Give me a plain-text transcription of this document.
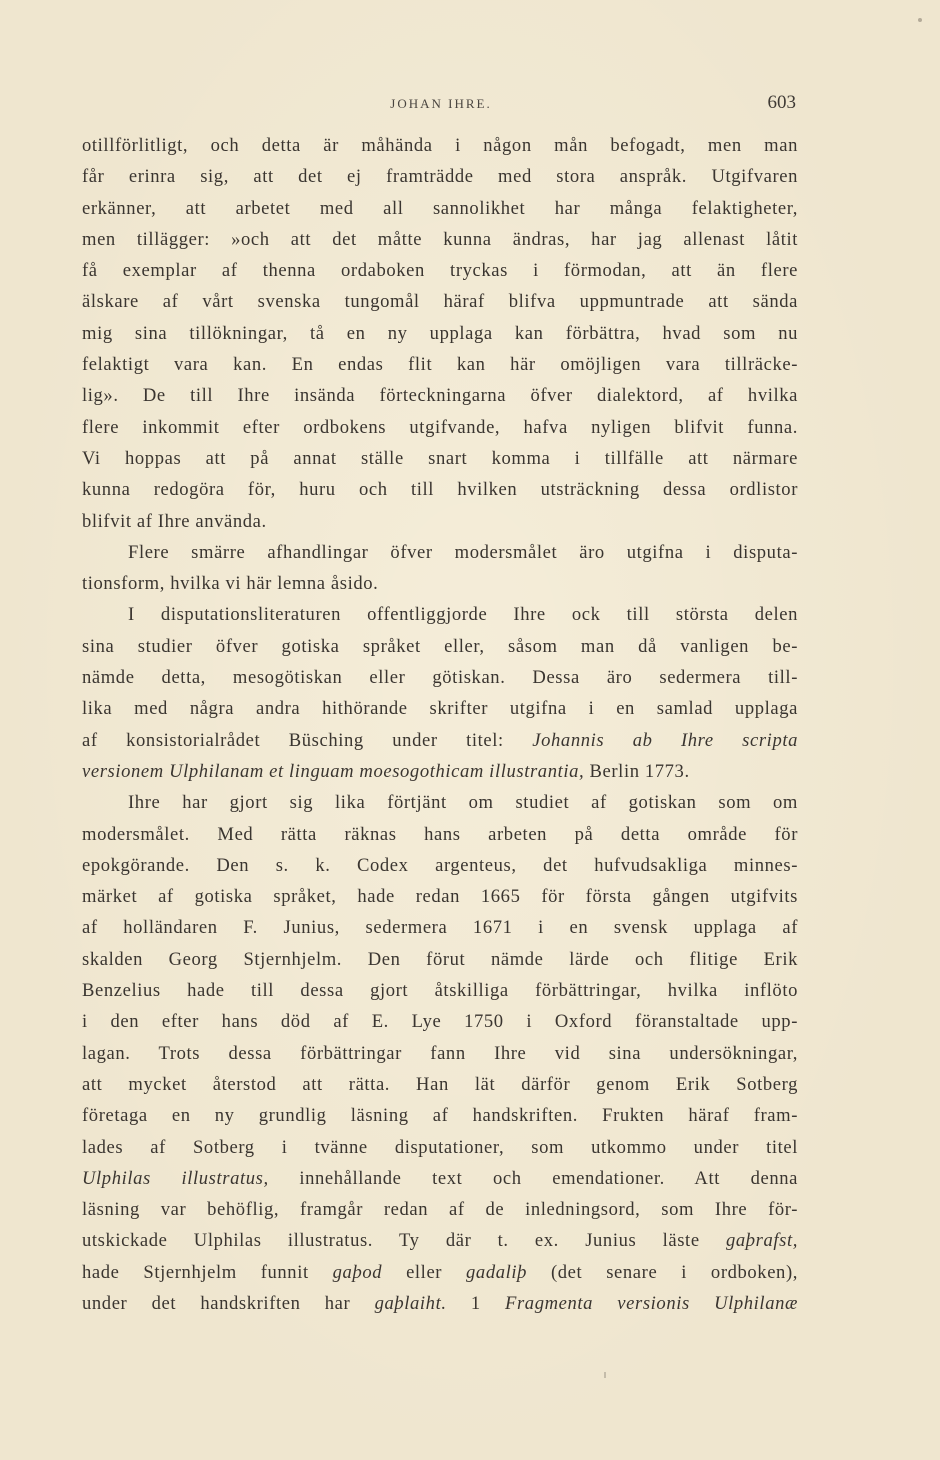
JOHAN IHRE.	603
otillförlitligt, och detta är måhända i någon mån befogadt, men man
får erinra sig, att det ej framträdde med stora anspråk. Utgifvaren
erkänner, att arbetet med all sannolikhet har många felaktigheter,
men tillägger: »och att det måtte kunna ändras, har jag allenast låtit
få exemplar af thenna ordaboken tryckas i förmodan, att än flere
älskare af vårt svenska tungomål häraf blifva uppmuntrade att sända
mig sina tillökningar, tå en ny upplaga kan förbättra, hvad som nu
felaktigt vara kan. En endas flit kan här omöjligen vara tillräcke-
lig». De till Ihre insända förteckningarna öfver dialektord, af hvilka
flere inkommit efter ordbokens utgifvande, hafva nyligen blifvit funna.
Vi hoppas att på annat ställe snart komma i tillfälle att närmare
kunna redogöra för, huru och till hvilken utsträckning dessa ordlistor
blifvit af Ihre använda.
Flere smärre afhandlingar öfver modersmålet äro utgifna i disputa-
tionsform, hvilka vi här lemna åsido.
I disputationsliteraturen offentliggjorde Ihre ock till största delen
sina studier öfver gotiska språket eller, såsom man då vanligen be-
nämde detta, mesogötiskan eller götiskan. Dessa äro sedermera till-
lika med några andra hithörande skrifter utgifna i en samlad upplaga
af konsistorialrådet Büsching under titel: Johannis ab Ihre scripta
versionem Ulphilanam et linguam moesogothicam illustrantia, Berlin 1773.
Ihre har gjort sig lika förtjänt om studiet af gotiskan som om
modersmålet. Med rätta räknas hans arbeten på detta område för
epokgörande. Den s. k. Codex argenteus, det hufvudsakliga minnes-
märket af gotiska språket, hade redan 1665 för första gången utgifvits
af holländaren F. Junius, sedermera 1671 i en svensk upplaga af
skalden Georg Stjernhjelm. Den förut nämde lärde och flitige Erik
Benzelius hade till dessa gjort åtskilliga förbättringar, hvilka inflöto
i den efter hans död af E. Lye 1750 i Oxford föranstaltade upp-
lagan. Trots dessa förbättringar fann Ihre vid sina undersökningar,
att mycket återstod att rätta. Han lät därför genom Erik Sotberg
företaga en ny grundlig läsning af handskriften. Frukten häraf fram-
lades af Sotberg i tvänne disputationer, som utkommo under titel
Ulphilas illustratus, innehållande text och emendationer. Att denna
läsning var behöflig, framgår redan af de inledningsord, som Ihre för-
utskickade Ulphilas illustratus. Ty där t. ex. Junius läste gaþrafst,
hade Stjernhjelm funnit gaþod eller gadaliþ (det senare i ordboken),
under det handskriften har gaþlaiht. 1 Fragmenta versionis Ulphilanæ
